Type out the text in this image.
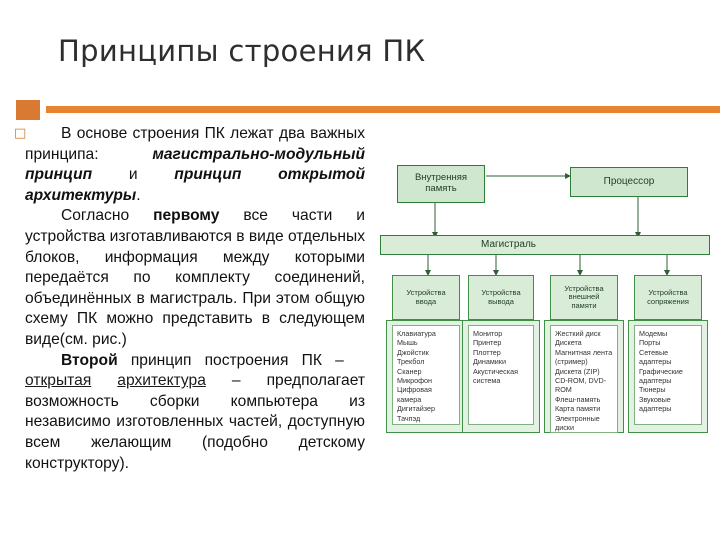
Принципы строения ПК
□	В основе строения ПК лежат два важных принципа: магистрально-модульный принцип и принцип открытой архитектуры.

Согласно первому все части и устройства изготавливаются в виде отдельных блоков, информация между которыми передаётся по комплекту соединений, объединённых в магистраль. При этом общую схему ПК можно представить в следующем виде(см. рис.)

Второй принцип построения ПК – открытая архитектура – предполагает возможность сборки компьютера из независимо изготовленных частей, доступную всем желающим (подобно детскому конструктору).

Внутренняя
память
Процессор
Магистраль
Устройства
ввода
Клавиатура
Мышь
Джойстик
Трекбол
Сканер
Микрофон
Цифровая камера
Дигитайзер
Тачпэд
Устройства
вывода
Монитор
Принтер
Плоттер
Динамики
Акустическая
система
Устройства
внешней
памяти
Жесткий диск
Дискета
Магнитная лента
(стример)
Дискета (ZIP)
CD-ROM, DVD-
ROM
Флеш-память
Карта памяти
Электронные
диски
Устройства
сопряжения
Модемы
Порты
Сетевые
адаптеры
Графические
адаптеры
Тюнеры
Звуковые
адаптеры
